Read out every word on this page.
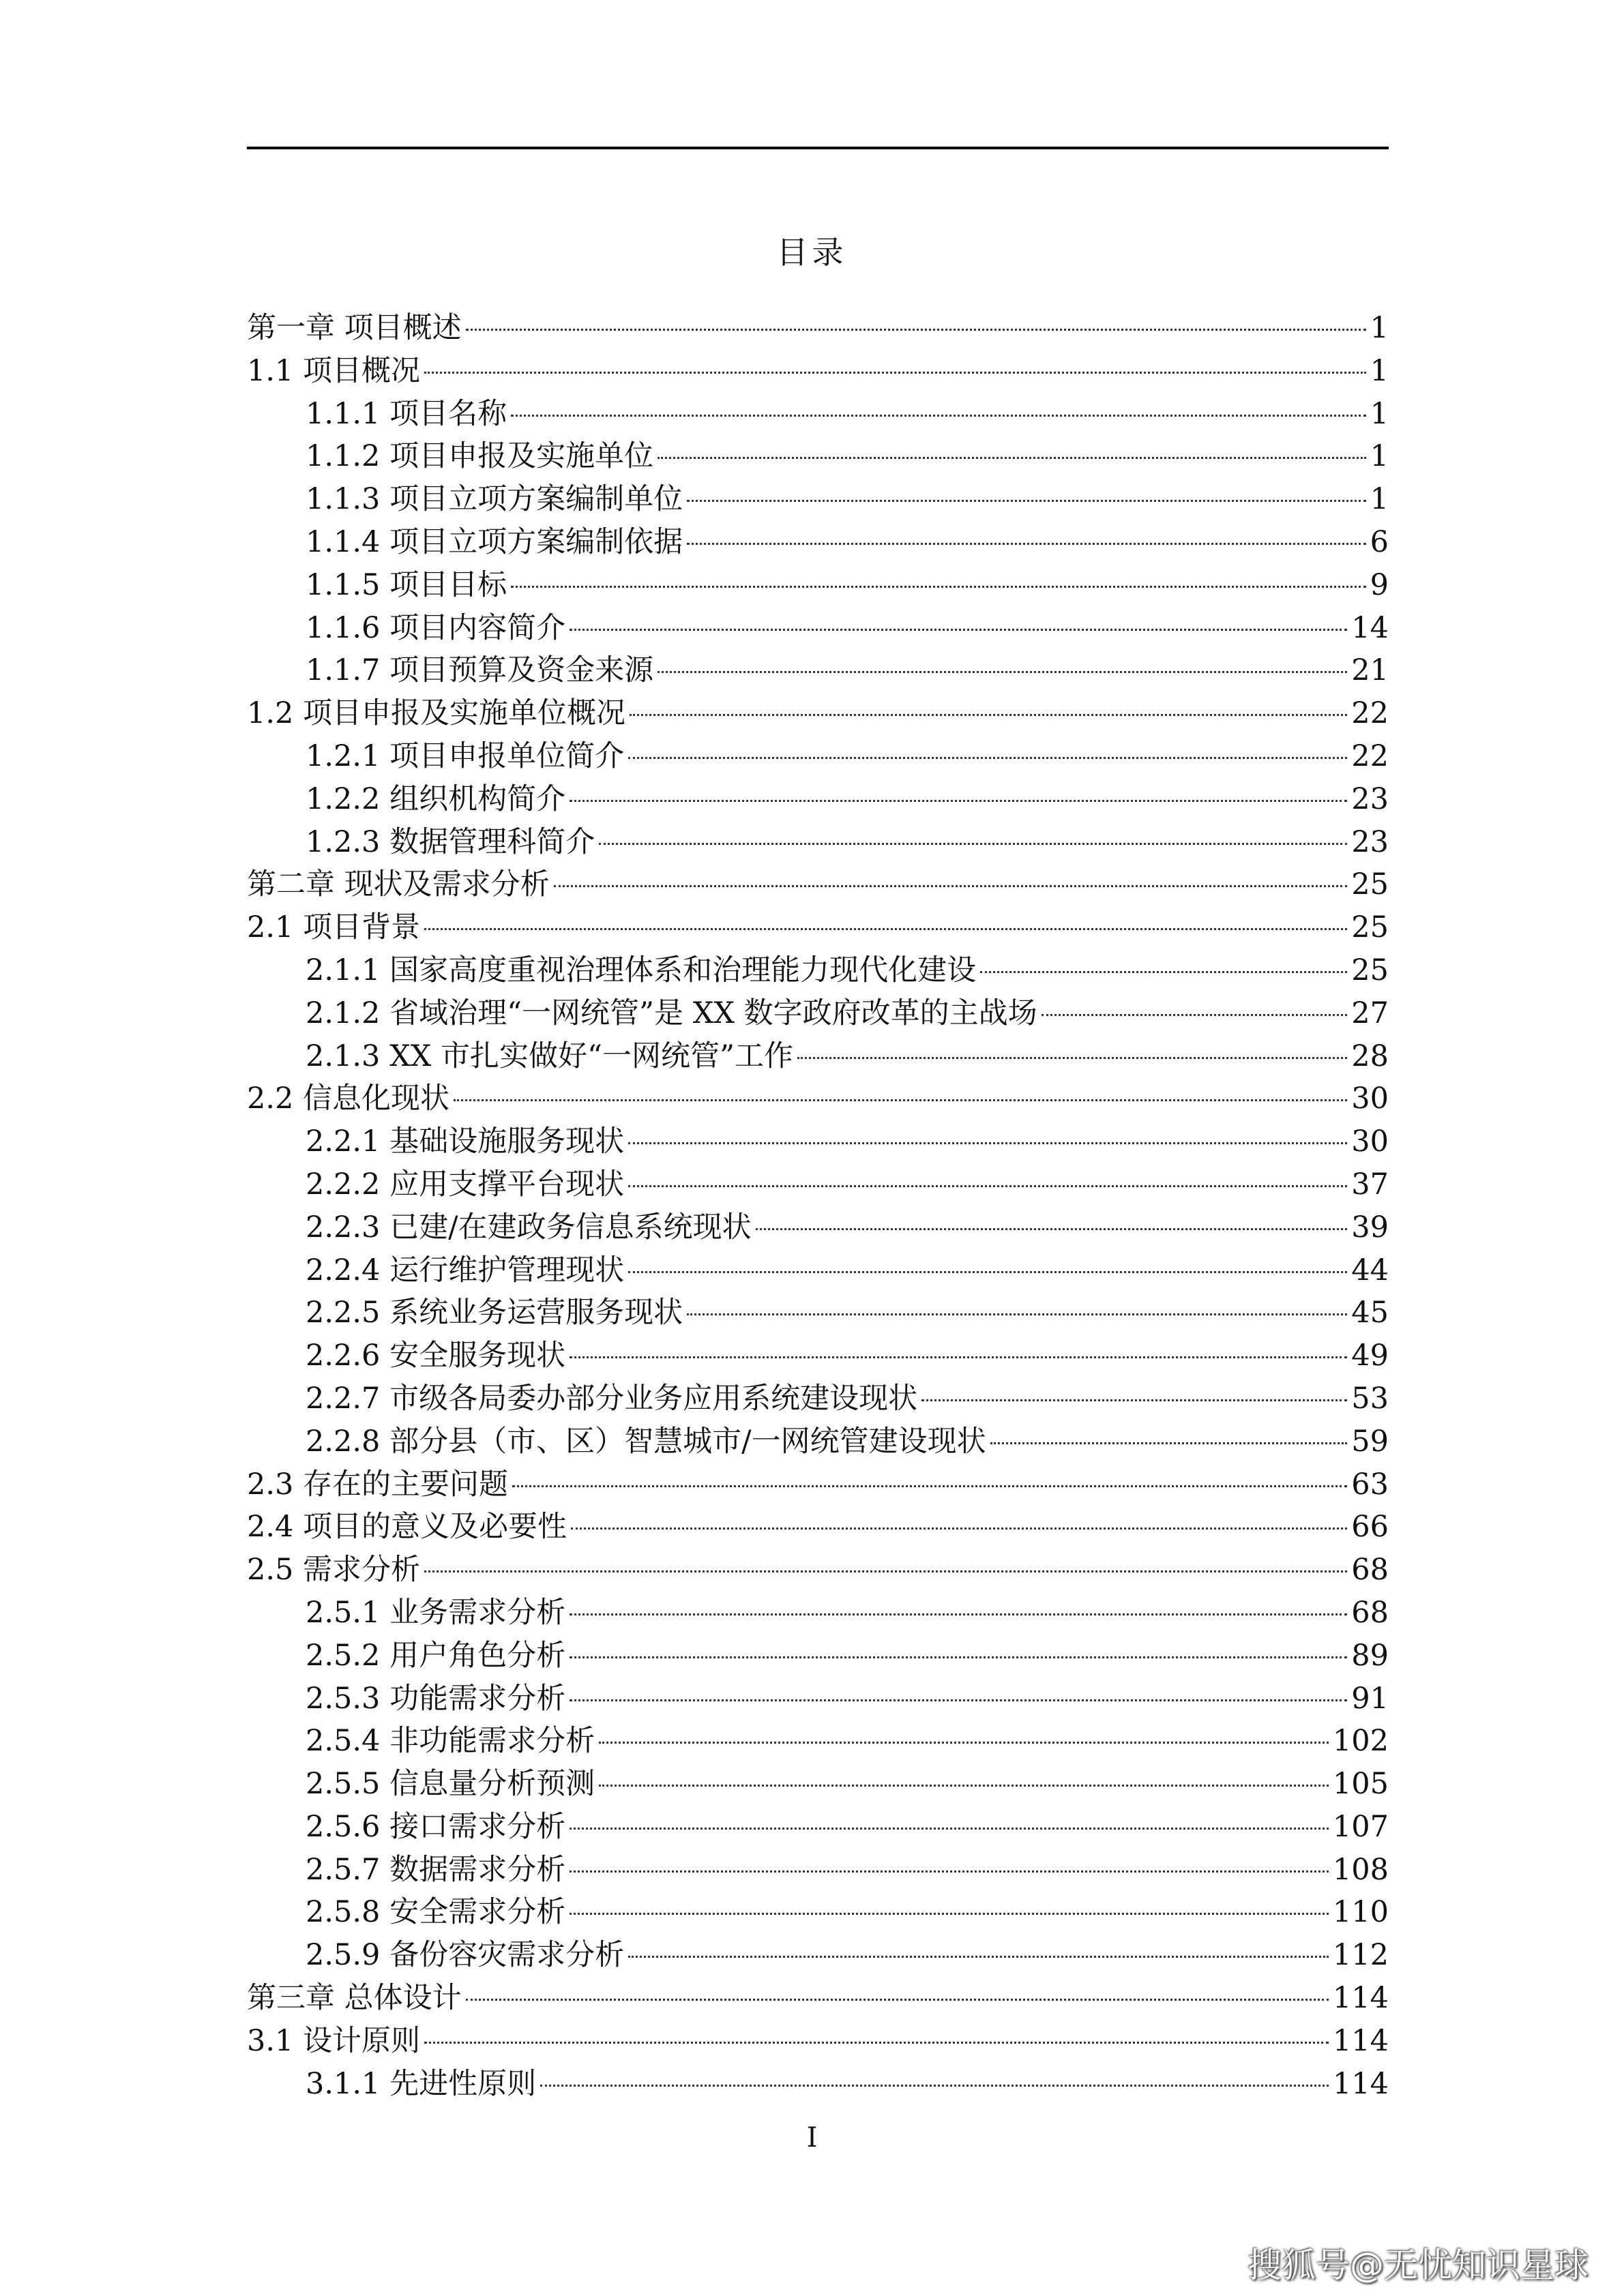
目录
第一章 项目概述	1
1.1 项目概况	1
1.1.1 项目名称	1
1.1.2 项目申报及实施单位	1
1.1.3 项目立项方案编制单位	1
1.1.4 项目立项方案编制依据	6
1.1.5 项目目标	9
1.1.6 项目内容简介	14
1.1.7 项目预算及资金来源	21
1.2 项目申报及实施单位概况	22
1.2.1 项目申报单位简介	22
1.2.2 组织机构简介	23
1.2.3 数据管理科简介	23
第二章 现状及需求分析	25
2.1 项目背景	25
2.1.1 国家高度重视治理体系和治理能力现代化建设	25
2.1.2 省域治理“一网统管”是 XX 数字政府改革的主战场	27
2.1.3 XX 市扎实做好“一网统管”工作	28
2.2 信息化现状	30
2.2.1 基础设施服务现状	30
2.2.2 应用支撑平台现状	37
2.2.3 已建/在建政务信息系统现状	39
2.2.4 运行维护管理现状	44
2.2.5 系统业务运营服务现状	45
2.2.6 安全服务现状	49
2.2.7 市级各局委办部分业务应用系统建设现状	53
2.2.8 部分县（市、区）智慧城市/一网统管建设现状	59
2.3 存在的主要问题	63
2.4 项目的意义及必要性	66
2.5 需求分析	68
2.5.1 业务需求分析	68
2.5.2 用户角色分析	89
2.5.3 功能需求分析	91
2.5.4 非功能需求分析	102
2.5.5 信息量分析预测	105
2.5.6 接口需求分析	107
2.5.7 数据需求分析	108
2.5.8 安全需求分析	110
2.5.9 备份容灾需求分析	112
第三章 总体设计	114
3.1 设计原则	114
3.1.1 先进性原则	114
I
搜狐号@无忧知识星球
